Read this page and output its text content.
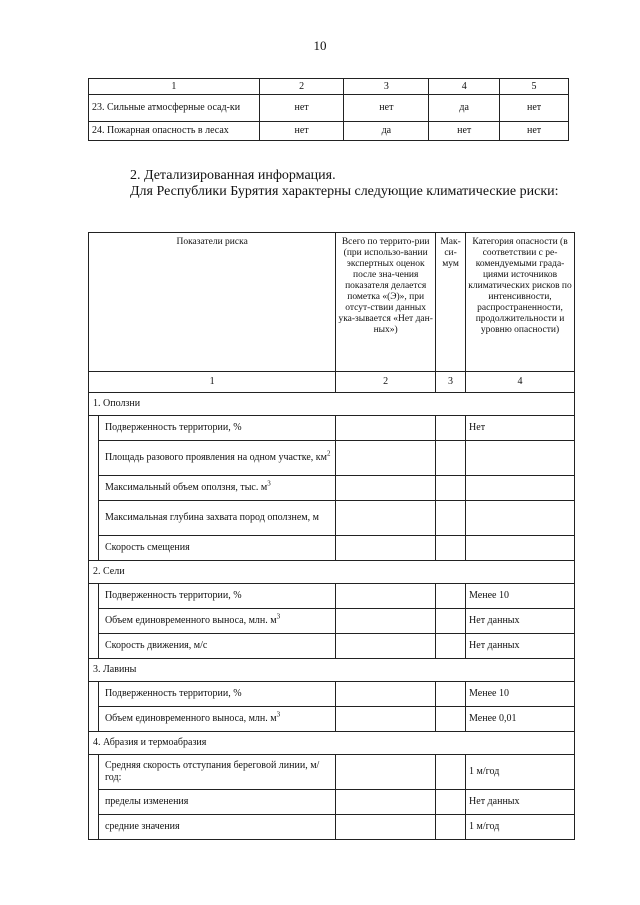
10
1	2	3	4	5
23. Сильные атмосферные осад-ки	нет	нет	да	нет
24. Пожарная опасность в лесах	нет	да	нет	нет

2. Детализированная информация.

Для Республики Бурятия характерны следующие климатические риски:

Показатели риска		Всего по террито-рии (при использо-вании экспертных оценок после зна-чения показателя делается пометка «(Э)», при отсут-ствии данных ука-зывается «Нет дан-ных»)	Мак-си-мум	Категория опасности (в соответствии с ре-комендуемыми града-циями источников климатических рисков по интенсивности, распространенности, продолжительности и уровню опасности)
1		2	3	4
1. Оползни				
	Подверженность территории, %			Нет
	Площадь разового проявления на одном участке, $км^2$			
	Максимальный объем оползня, тыс. $м^3$			
	Максимальная глубина захвата пород оползнем, м			
	Скорость смещения			
2. Сели				
	Подверженность территории, %			Менее 10
	Объем единовременного выноса, млн. $м^3$			Нет данных
	Скорость движения, м/с			Нет данных
3. Лавины				
	Подверженность территории, %			Менее 10
	Объем единовременного выноса, млн. $м^3$			Менее 0,01
4. Абразия и термоабразия				
	Средняя скорость отступания береговой линии, м/год:			1 м/год
	пределы изменения			Нет данных
	средние значения			1 м/год
